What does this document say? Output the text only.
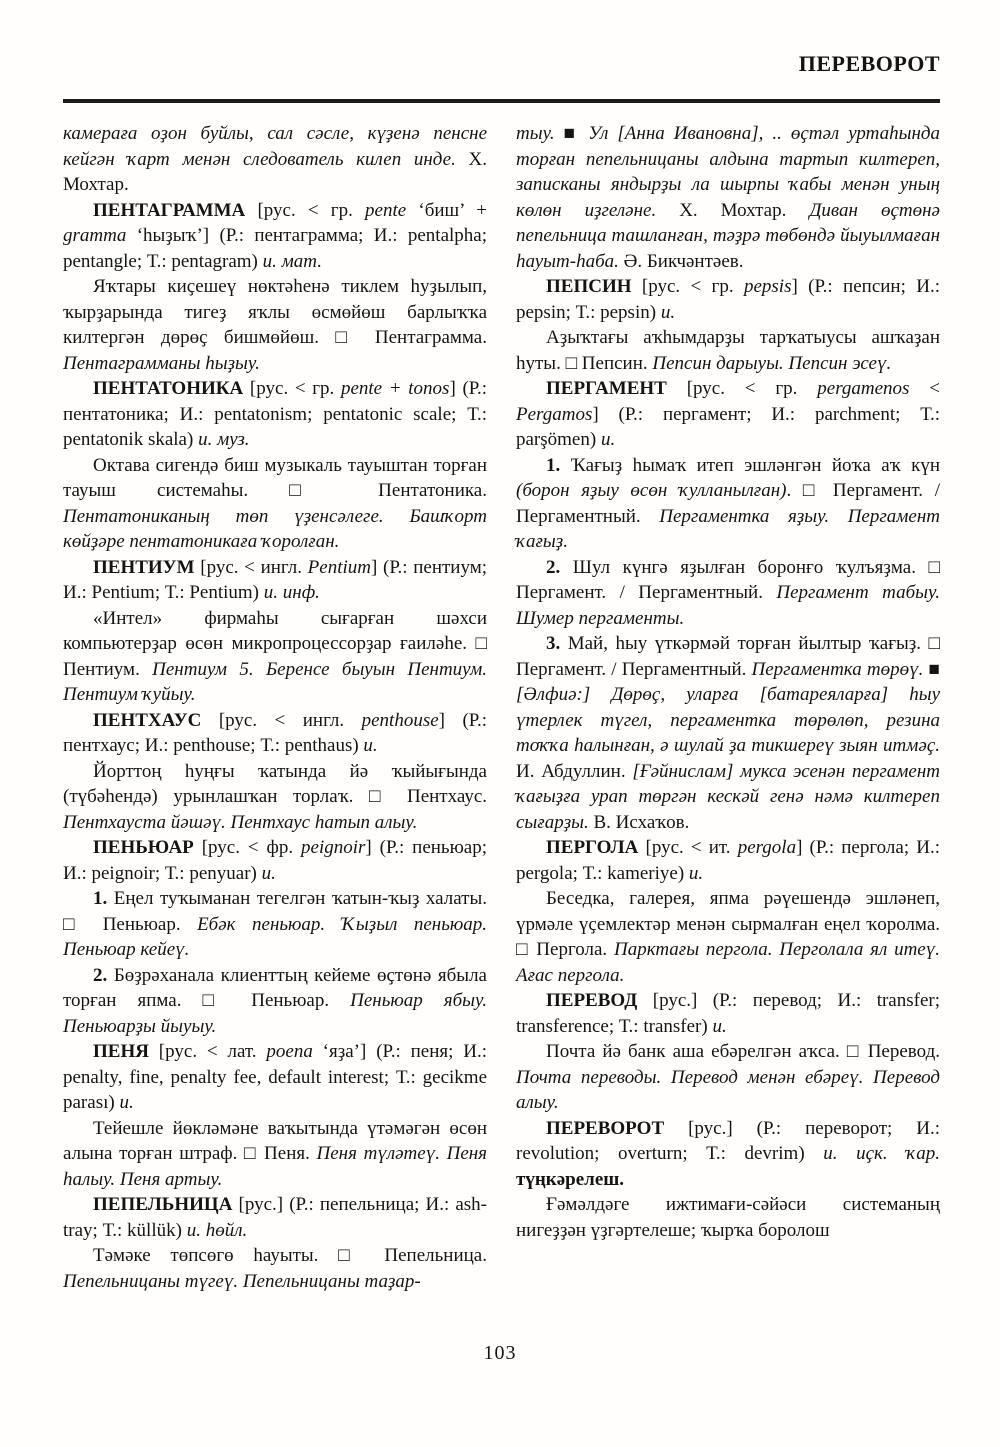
ПЕРЕВОРОТ

камераға оҙон буйлы, сал сәсле, күҙенә пенсне кейгән ҡарт менән следователь килеп инде. Х. Мохтар.

ПЕНТАГРАММА [рус. < гр. pente ‘биш’ + gramma ‘һыҙыҡ’] (Р.: пентаграмма; И.: pentalpha; pentangle; Т.: pentagram) и. мат.

Яҡтары киҫешеү нөктәһенә тиклем һуҙылып, ҡырҙарында тигеҙ яҡлы өсмөйөш барлыҡҡа килтергән дөрөҫ бишмөйөш. □ Пентаграмма. Пентаграмманы һыҙыу.

ПЕНТАТОНИКА [рус. < гр. pente + tonos] (Р.: пентатоника; И.: pentatonism; pentatonic scale; Т.: pentatonik skala) и. муз.

Октава сигендә биш музыкаль тауыштан торған тауыш системаһы. □ Пентатоника. Пентатониканың төп үҙенсәлеге. Башҡорт көйҙәре пентатоникаға ҡоролған.

ПЕНТИУМ [рус. < ингл. Pentium] (Р.: пентиум; И.: Pentium; Т.: Pentium) и. инф.

«Интел» фирмаһы сығарған шәхси компьютерҙар өсөн микропроцессорҙар ғаиләһе. □ Пентиум. Пентиум 5. Беренсе быуын Пентиум. Пентиум ҡуйыу.

ПЕНТХАУС [рус. < ингл. penthouse] (Р.: пентхаус; И.: penthouse; Т.: penthaus) и.

Йорттоң һуңғы ҡатында йә ҡыйығында (түбәһендә) урынлашҡан торлаҡ. □ Пентхаус. Пентхауста йәшәү. Пентхаус һатып алыу.

ПЕНЬЮАР [рус. < фр. peignoir] (Р.: пеньюар; И.: peignoir; Т.: penyuar) и.

1. Еңел туҡыманан тегелгән ҡатын-ҡыҙ халаты. □ Пеньюар. Ебәк пеньюар. Ҡыҙыл пеньюар. Пеньюар кейеү.

2. Бөҙрәханала клиенттың кейеме өҫтөнә ябыла торған япма. □ Пеньюар. Пеньюар ябыу. Пеньюарҙы йыуыу.

ПЕНЯ [рус. < лат. poena ‘яҙа’] (Р.: пеня; И.: penalty, fine, penalty fee, default interest; Т.: gecikme parası) и.

Тейешле йөкләмәне ваҡытында үтәмәгән өсөн алына торған штраф. □ Пеня. Пеня түләтеү. Пеня һалыу. Пеня артыу.

ПЕПЕЛЬНИЦА [рус.] (Р.: пепельница; И.: ash-tray; Т.: küllük) и. һөйл.

Тәмәке төпсөгө һауыты. □ Пепельница. Пепельницаны түгеү. Пепельницаны таҙар-

тыу. ■ Ул [Анна Ивановна], .. өҫтәл уртаһында торған пепельницаны алдына тартып килтереп, записканы яндырҙы ла шырпы ҡабы менән уның көлөн иҙгеләне. Х. Мохтар. Диван өҫтөнә пепельница ташланған, тәҙрә төбөндә йыуылмаған һауыт-һаба. Ә. Бикчәнтәев.

ПЕПСИН [рус. < гр. pepsis] (Р.: пепсин; И.: pepsin; Т.: pepsin) и.

Аҙыҡтағы аҡһымдарҙы тарҡатыусы ашҡаҙан һуты. □ Пепсин. Пепсин дарыуы. Пепсин эсеү.

ПЕРГАМЕНТ [рус. < гр. pergamenos < Pergamos] (Р.: пергамент; И.: parchment; Т.: parşömen) и.

1. Ҡағыҙ һымаҡ итеп эшләнгән йоҡа аҡ күн (борон яҙыу өсөн ҡулланылған). □ Пергамент. / Пергаментный. Пергаментка яҙыу. Пергамент ҡағыҙ.

2. Шул күнгә яҙылған боронғо ҡулъяҙма. □ Пергамент. / Пергаментный. Пергамент табыу. Шумер пергаменты.

3. Май, һыу үткәрмәй торған йылтыр ҡағыҙ. □ Пергамент. / Пергаментный. Пергаментка төрөү. ■ [Әлфиә:] Дөрөҫ, уларға [батареяларға] һыу үтерлек түгел, пергаментка төрөлөп, резина тоҡҡа һалынған, ә шулай ҙа тикшереү зыян итмәҫ. И. Абдуллин. [Ғәйнислам] мукса эсенән пергамент ҡағыҙға урап төргән кескәй генә нәмә килтереп сығарҙы. В. Исхаҡов.

ПЕРГОЛА [рус. < ит. pergola] (Р.: пергола; И.: pergola; Т.: kameriye) и.

Беседка, галерея, япма рәүешендә эшләнеп, үрмәле үҫемлектәр менән сырмалған еңел ҡоролма. □ Пергола. Парктағы пергола. Перголала ял итеү. Ағас пергола.

ПЕРЕВОД [рус.] (Р.: перевод; И.: transfer; transference; Т.: transfer) и.

Почта йә банк аша ебәрелгән аҡса. □ Перевод. Почта переводы. Перевод менән ебәреү. Перевод алыу.

ПЕРЕВОРОТ [рус.] (Р.: переворот; И.: revolution; overturn; Т.: devrim) и. иҫк. ҡар. түңкәрелеш.

Ғәмәлдәге ижтимағи-сәйәси системаның нигеҙҙән үҙгәртелеше; ҡырҡа боролош

103
